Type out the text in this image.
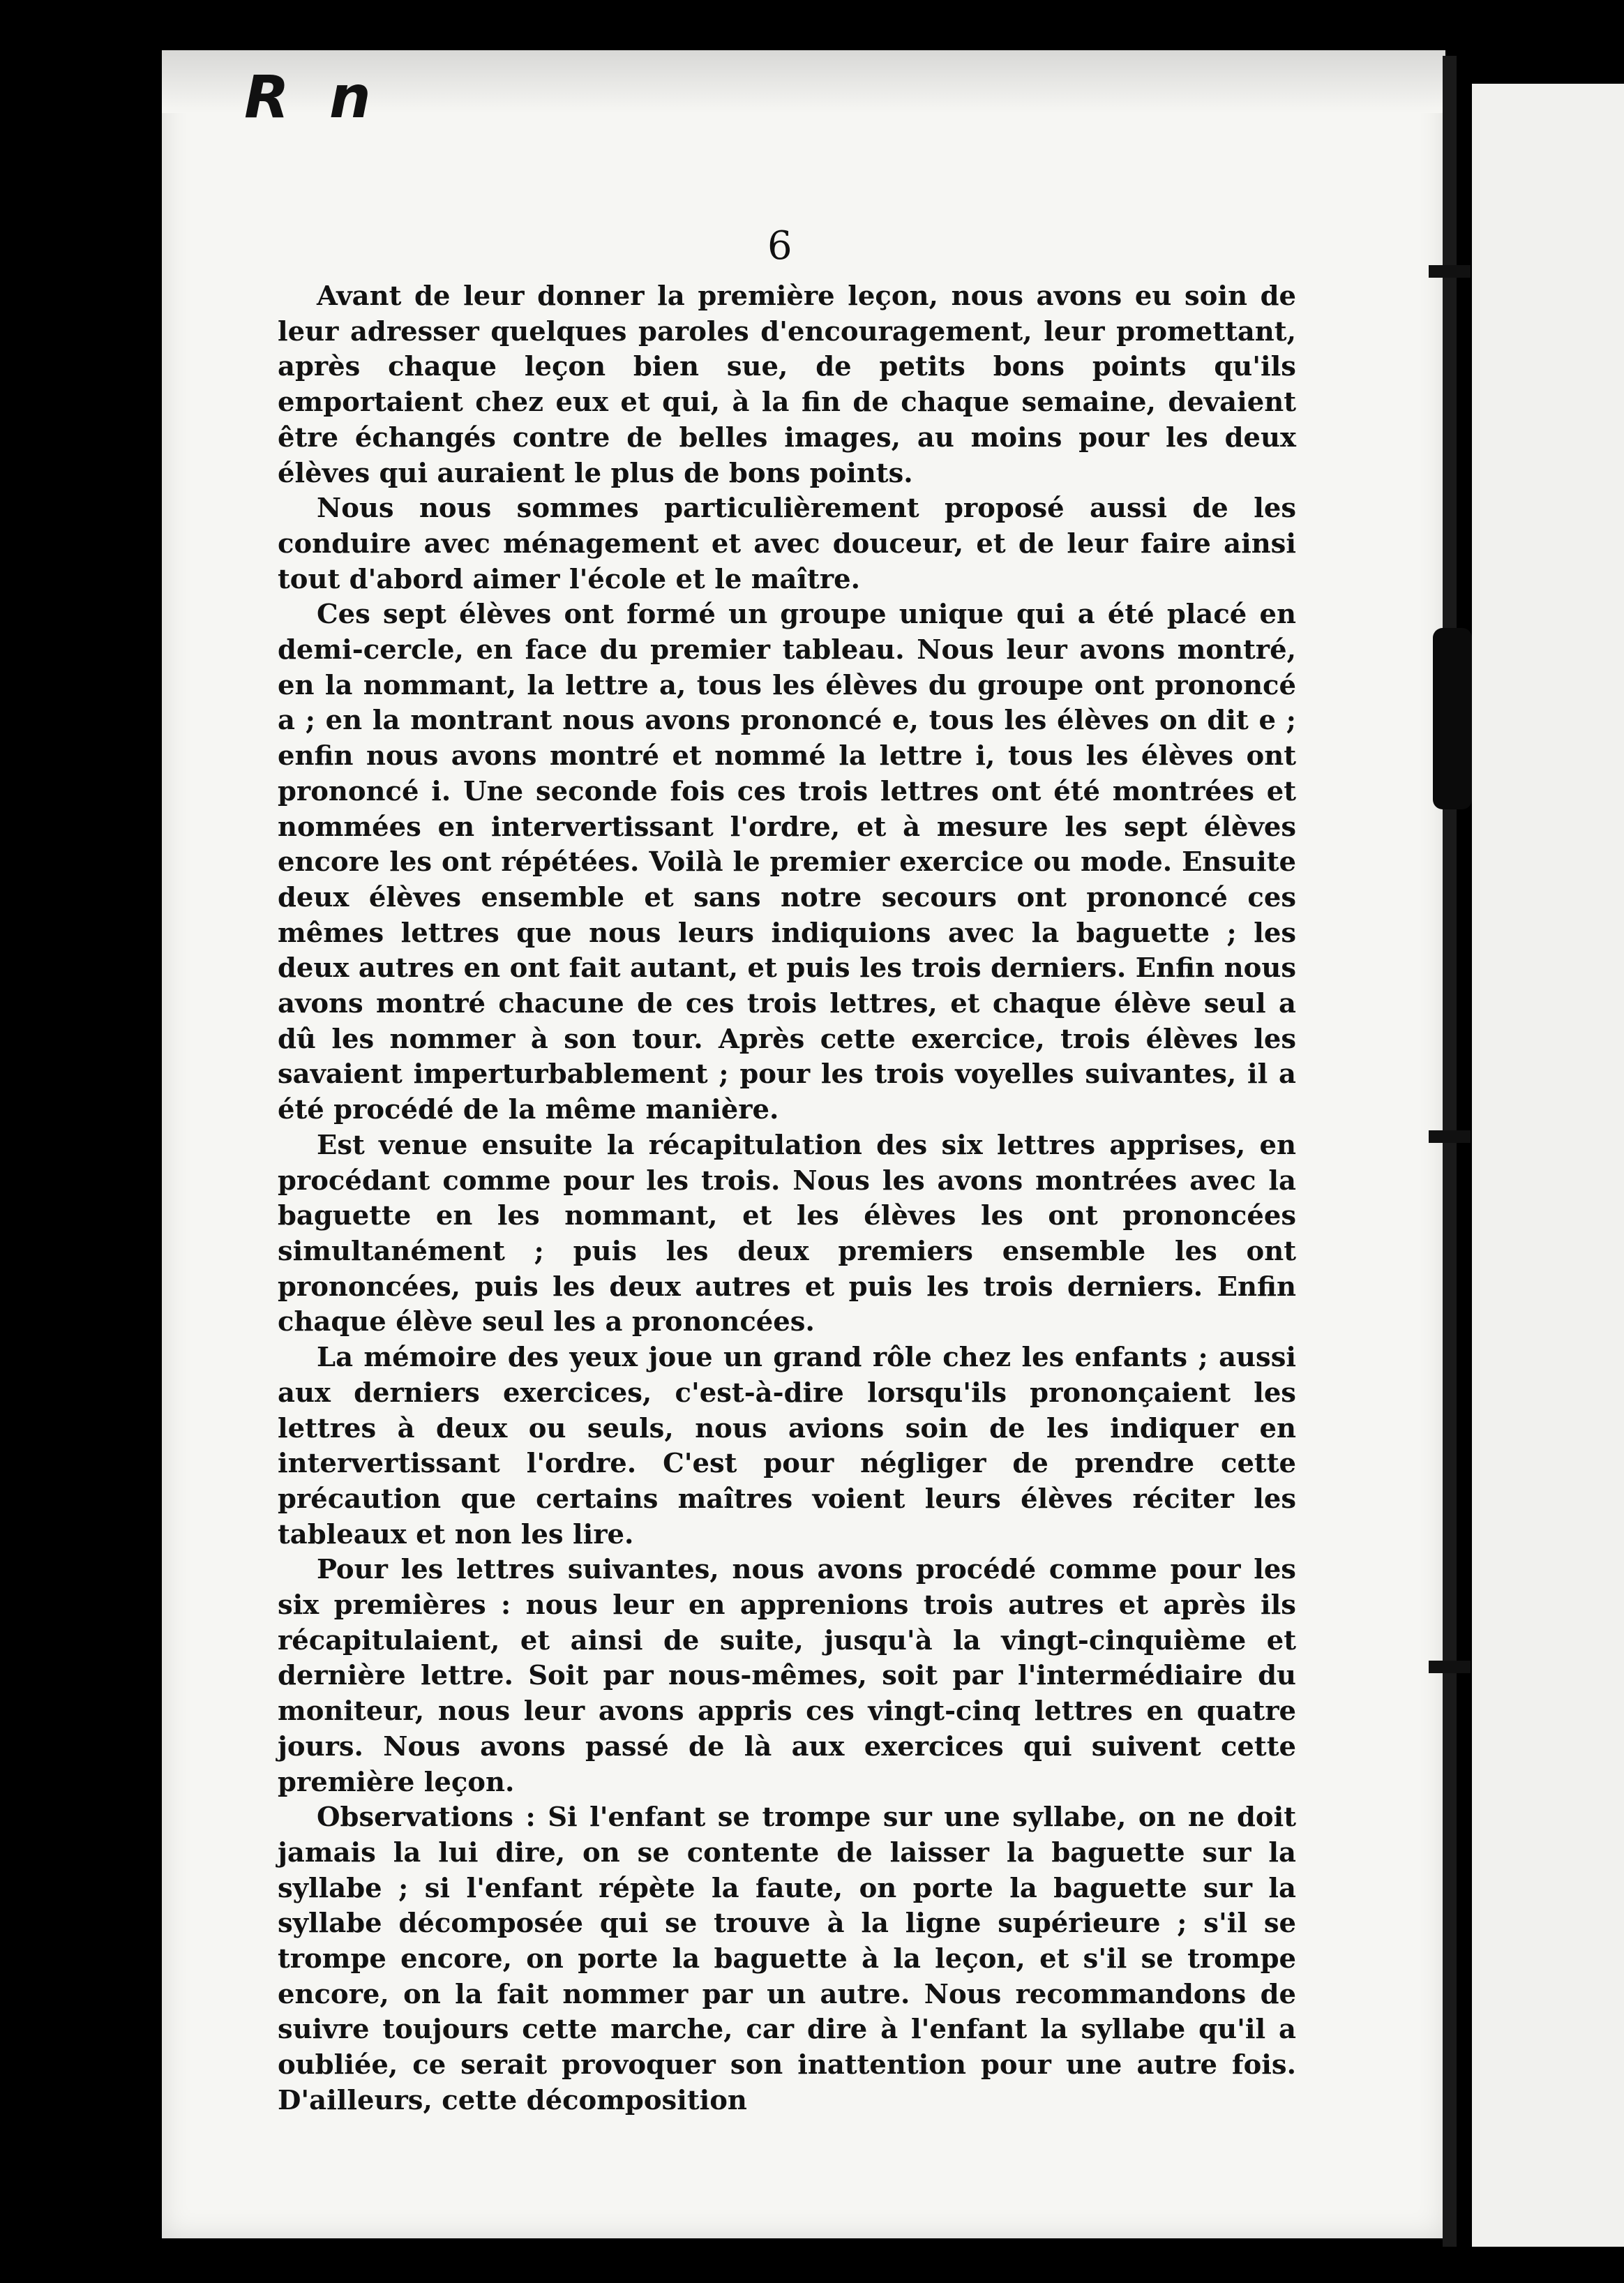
R n
6

Avant de leur donner la première leçon, nous avons eu soin de leur adresser quelques paroles d'encouragement, leur promettant, après chaque leçon bien sue, de petits bons points qu'ils emportaient chez eux et qui, à la fin de chaque semaine, devaient être échangés contre de belles images, au moins pour les deux élèves qui auraient le plus de bons points.

Nous nous sommes particulièrement proposé aussi de les conduire avec ménagement et avec douceur, et de leur faire ainsi tout d'abord aimer l'école et le maître.

Ces sept élèves ont formé un groupe unique qui a été placé en demi-cercle, en face du premier tableau. Nous leur avons montré, en la nommant, la lettre a, tous les élèves du groupe ont prononcé a ; en la montrant nous avons prononcé e, tous les élèves on dit e ; enfin nous avons montré et nommé la lettre i, tous les élèves ont prononcé i. Une seconde fois ces trois lettres ont été montrées et nommées en intervertissant l'ordre, et à mesure les sept élèves encore les ont répétées. Voilà le premier exercice ou mode. Ensuite deux élèves ensemble et sans notre secours ont prononcé ces mêmes lettres que nous leurs indiquions avec la baguette ; les deux autres en ont fait autant, et puis les trois derniers. Enfin nous avons montré chacune de ces trois lettres, et chaque élève seul a dû les nommer à son tour. Après cette exercice, trois élèves les savaient imperturbablement ; pour les trois voyelles suivantes, il a été procédé de la même manière.

Est venue ensuite la récapitulation des six lettres apprises, en procédant comme pour les trois. Nous les avons montrées avec la baguette en les nommant, et les élèves les ont prononcées simultanément ; puis les deux premiers ensemble les ont prononcées, puis les deux autres et puis les trois derniers. Enfin chaque élève seul les a prononcées.

La mémoire des yeux joue un grand rôle chez les enfants ; aussi aux derniers exercices, c'est-à-dire lorsqu'ils prononçaient les lettres à deux ou seuls, nous avions soin de les indiquer en intervertissant l'ordre. C'est pour négliger de prendre cette précaution que certains maîtres voient leurs élèves réciter les tableaux et non les lire.

Pour les lettres suivantes, nous avons procédé comme pour les six premières : nous leur en apprenions trois autres et après ils récapitulaient, et ainsi de suite, jusqu'à la vingt-cinquième et dernière lettre. Soit par nous-mêmes, soit par l'intermédiaire du moniteur, nous leur avons appris ces vingt-cinq lettres en quatre jours. Nous avons passé de là aux exercices qui suivent cette première leçon.

Observations : Si l'enfant se trompe sur une syllabe, on ne doit jamais la lui dire, on se contente de laisser la baguette sur la syllabe ; si l'enfant répète la faute, on porte la baguette sur la syllabe décomposée qui se trouve à la ligne supérieure ; s'il se trompe encore, on porte la baguette à la leçon, et s'il se trompe encore, on la fait nommer par un autre. Nous recommandons de suivre toujours cette marche, car dire à l'enfant la syllabe qu'il a oubliée, ce serait provoquer son inattention pour une autre fois. D'ailleurs, cette décomposition
